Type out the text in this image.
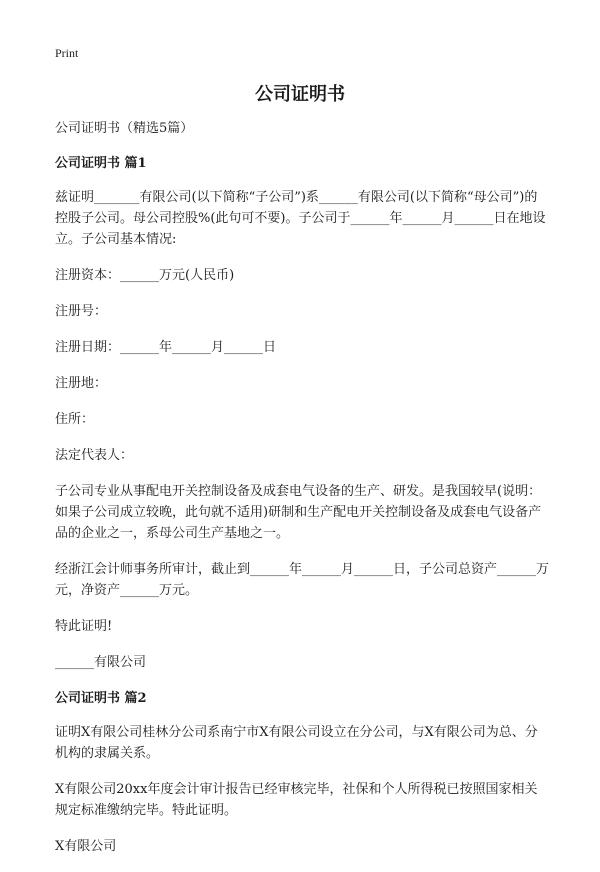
Print
公司证明书

公司证明书（精选5篇）

公司证明书 篇1

兹证明_______有限公司(以下简称“子公司”)系______有限公司(以下简称“母公司”)的控股子公司。母公司控股%(此句可不要)。子公司于______年______月______日在地设立。子公司基本情况:

注册资本：______万元(人民币)

注册号：

注册日期：______年______月______日

注册地：

住所：

法定代表人：

子公司专业从事配电开关控制设备及成套电气设备的生产、研发。是我国较早(说明：如果子公司成立较晚，此句就不适用)研制和生产配电开关控制设备及成套电气设备产品的企业之一，系母公司生产基地之一。

经浙江会计师事务所审计，截止到______年______月______日，子公司总资产______万元，净资产______万元。

特此证明!

______有限公司

公司证明书 篇2

证明X有限公司桂林分公司系南宁市X有限公司设立在分公司，与X有限公司为总、分机构的隶属关系。

X有限公司20xx年度会计审计报告已经审核完毕，社保和个人所得税已按照国家相关规定标准缴纳完毕。特此证明。

X有限公司
